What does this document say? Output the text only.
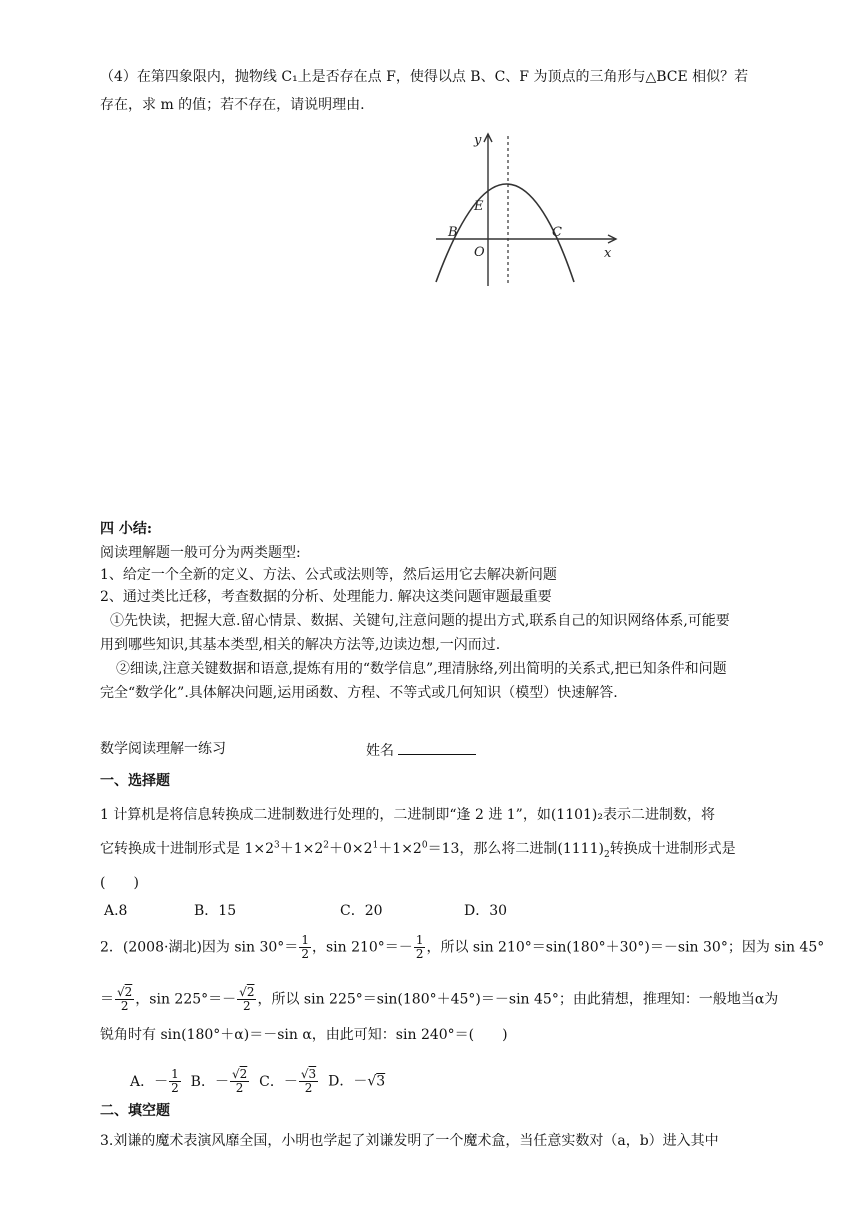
（4）在第四象限内，抛物线 C₁上是否存在点 F，使得以点 B、C、F 为顶点的三角形与△BCE 相似？若
存在，求 m 的值；若不存在，请说明理由.
y
x
E
B	C
O
四 小结:
阅读理解题一般可分为两类题型:
1、给定一个全新的定义、方法、公式或法则等，然后运用它去解决新问题
2、通过类比迁移，考查数据的分析、处理能力. 解决这类问题审题最重要
①先快读，把握大意.留心情景、数据、关键句,注意问题的提出方式,联系自己的知识网络体系,可能要
用到哪些知识,其基本类型,相关的解决方法等,边读边想,一闪而过.
②细读,注意关键数据和语意,提炼有用的“数学信息”,理清脉络,列出简明的关系式,把已知条件和问题
完全“数学化”.具体解决问题,运用函数、方程、不等式或几何知识（模型）快速解答.
数学阅读理解一练习	姓名
一、选择题
1 计算机是将信息转换成二进制数进行处理的，二进制即“逢 2 进 1”，如(1101)₂表示二进制数，将
它转换成十进制形式是 $1\times 2^3+1\times 2^2+0\times 2^1+1\times 2^0=13$，那么将二进制$(1111)_2$转换成十进制形式是
(　　)
A.8	B．15	C．20	D．30
2．(2008·湖北)因为 $\sin 30^\circ= \frac{1}{2}$ ，$\sin 210^\circ=- \frac{1}{2}$ ，所以 sin 210°＝sin(180°＋30°)＝－sin 30°；因为 sin 45°
＝ $\frac{√2}{2}$ ，$\sin 225^\circ=- \frac{√2}{2}$ ，所以 sin 225°＝sin(180°＋45°)＝－sin 45°；由此猜想，推理知：一般地当α为
锐角时有 sin(180°＋α)＝－sin α，由此可知：sin 240°＝(　　)
A．－ $\frac{1}{2}$ B．－ $\frac{√2}{2}$ C．－ $\frac{√3}{2}$ D．－√3
二、填空题
3.刘谦的魔术表演风靡全国，小明也学起了刘谦发明了一个魔术盒，当任意实数对（a，b）进入其中
